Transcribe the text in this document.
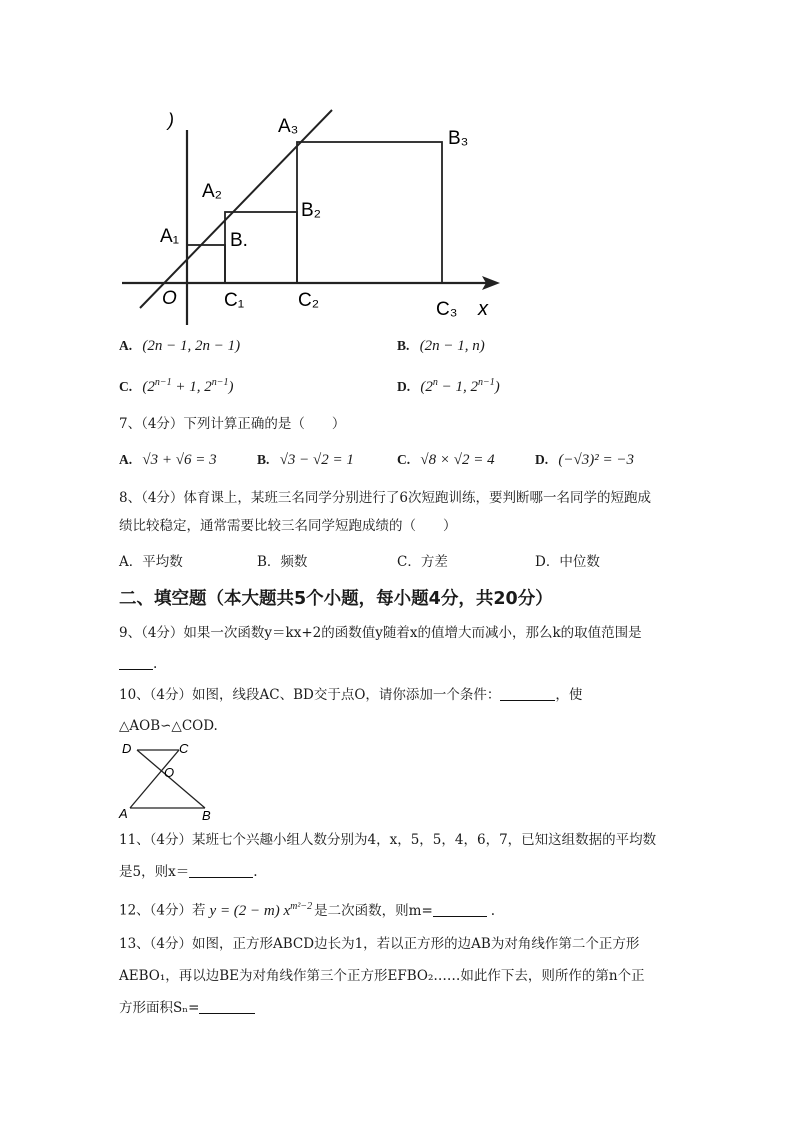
)
x
O
A₁
A₂
A₃
B.
B₂
B₃
C₁	C₂	C₃
A. (2n − 1, 2n − 1)	B. (2n − 1, n)
C. ($2^{n-1} + 1$, $2^{n-1}$)	D. ($2^n - 1$, $2^{n-1}$)
7、（4分）下列计算正确的是（　　）
A. √3 + √6 = 3	B. √3 − √2 = 1	C. √8 × √2 = 4	D. (−√3)² = −3
8、（4分）体育课上，某班三名同学分别进行了6次短跑训练，要判断哪一名同学的短跑成
绩比较稳定，通常需要比较三名同学短跑成绩的（　　）
A．平均数	B．频数	C．方差	D．中位数
二、填空题（本大题共5个小题，每小题4分，共20分）
9、（4分）如果一次函数y＝kx+2的函数值y随着x的值增大而减小，那么k的取值范围是
.
10、（4分）如图，线段AC、BD交于点O，请你添加一个条件：	，使
△AOB∽△COD.
D	C
O
A	B
11、（4分）某班七个兴趣小组人数分别为4，x，5，5，4，6，7，已知这组数据的平均数
是5，则x＝	.
12、（4分）若 y = (2 − m) $x^{m^2-2}$ 是二次函数，则m=	.
13、（4分）如图，正方形ABCD边长为1，若以正方形的边AB为对角线作第二个正方形
AEBO₁，再以边BE为对角线作第三个正方形EFBO₂……如此作下去，则所作的第n个正
方形面积Sₙ=
